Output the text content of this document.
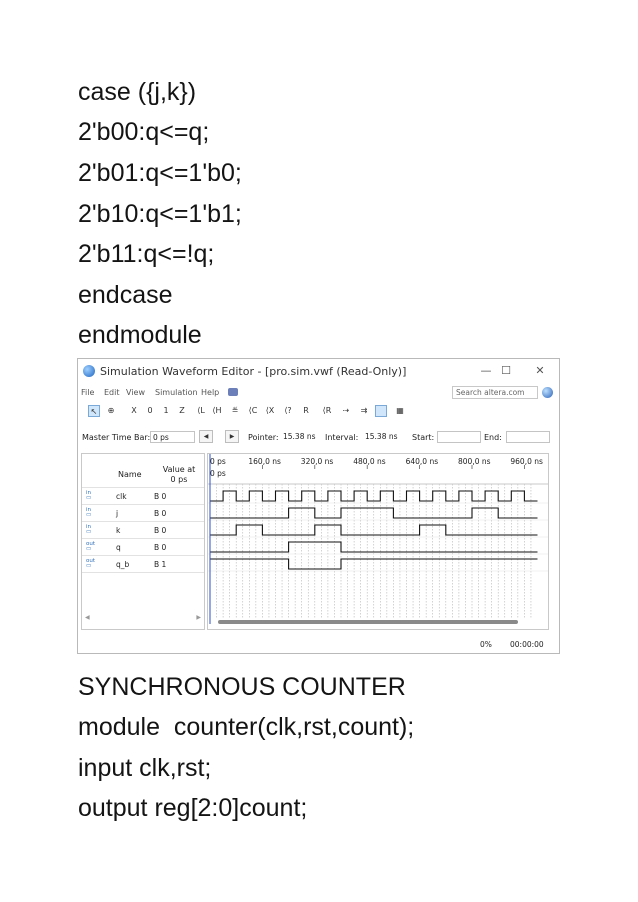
case ({j,k})
2'b00:q<=q;
2'b01:q<=1'b0;
2'b10:q<=1'b1;
2'b11:q<=!q;
endcase
endmodule
Simulation Waveform Editor - [pro.sim.vwf (Read-Only)]	— ☐	✕
File Edit View Simulation Help	Search altera.com
↖	⊕	X	0	1	Z	⟨L ⟨H	≝	⟨C ⟨X ⟨?	R	⟨R	⇢	⇉	▦
Master Time Bar: 0 ps	◀	▶	Pointer: 15.38 ns	Interval: 15.38 ns	Start:	End:
Name
Value at
0 ps
in
▭	clk	B 0
in
▭	j	B 0
in
▭	k	B 0
out
▭	q	B 0
out
▭	q_b	B 1
◀	▶
0 ps	160,0 ns	320,0 ns	480,0 ns	640,0 ns	800,0 ns	960,0 ns
0 ps
0% 00:00:00
SYNCHRONOUS COUNTER
module  counter(clk,rst,count);
input clk,rst;
output reg[2:0]count;
